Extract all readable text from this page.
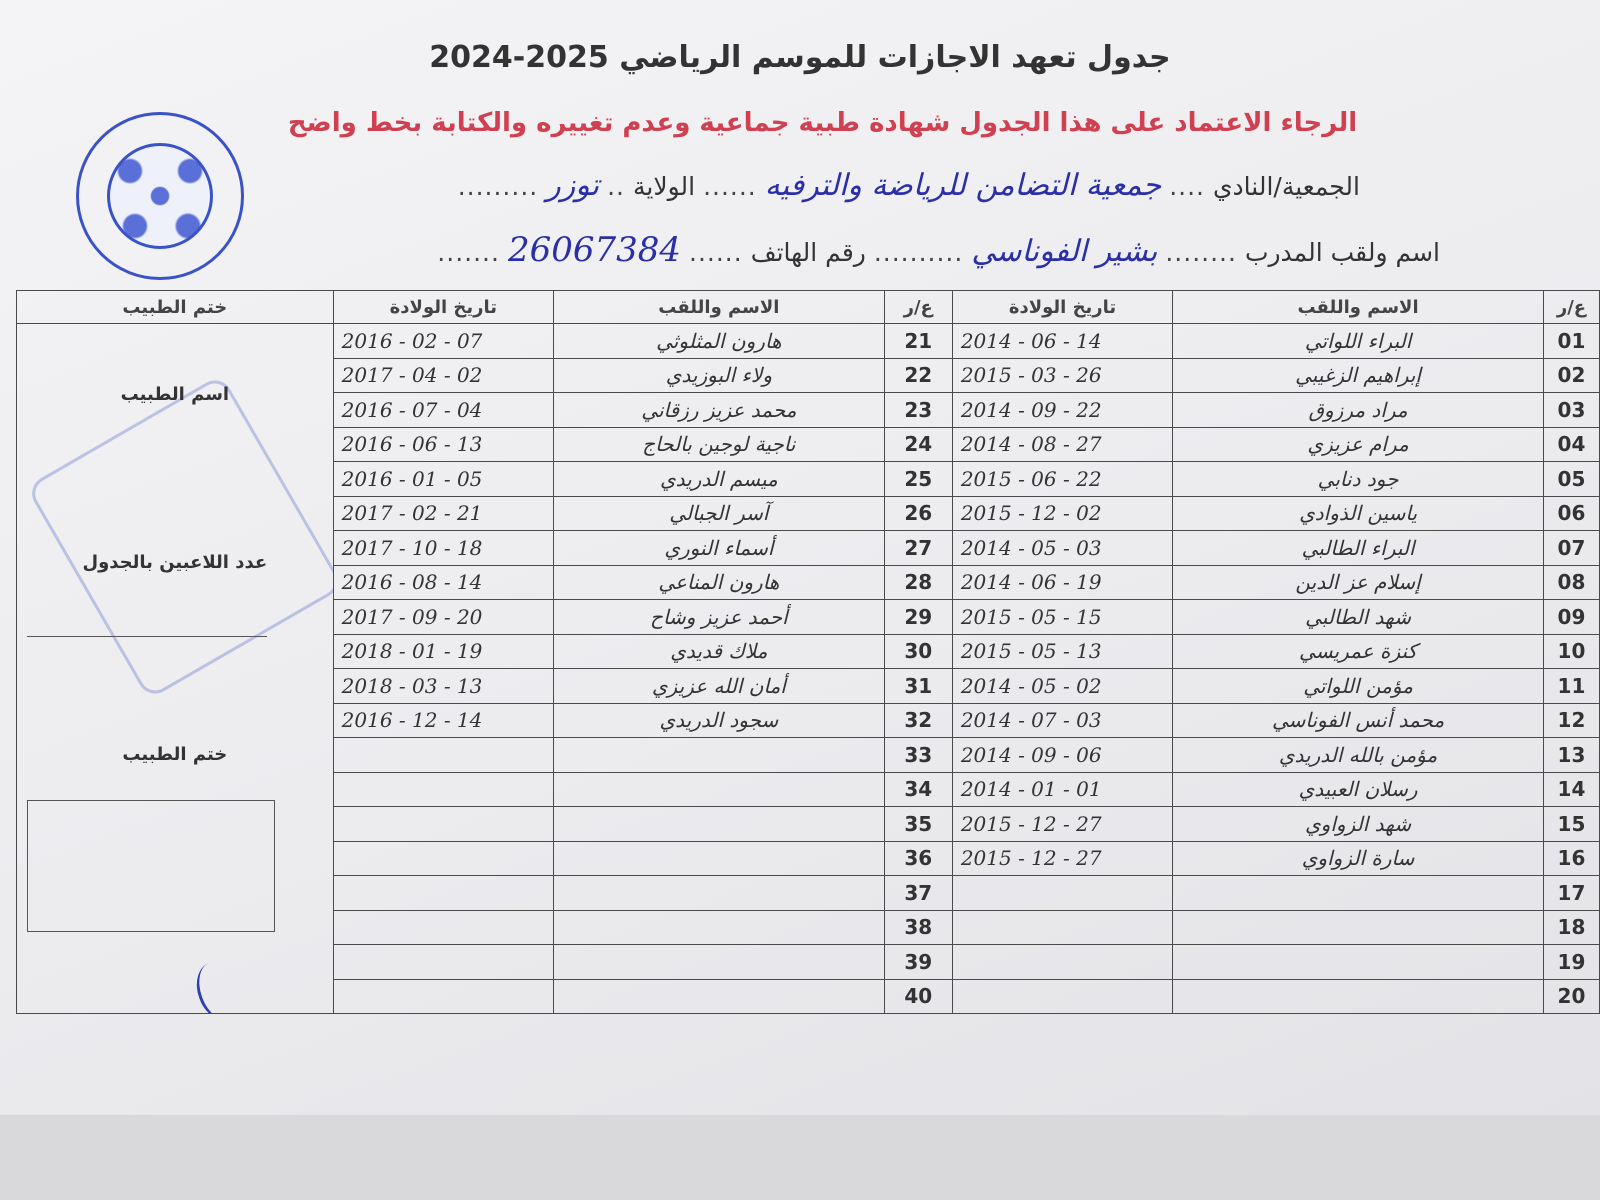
جدول تعهد الاجازات للموسم الرياضي 2025-2024
الرجاء الاعتماد على هذا الجدول شهادة طبية جماعية وعدم تغييره والكتابة بخط واضح
الجمعية/النادي
....
جمعية التضامن للرياضة والترفيه
......
الولاية
..
توزر
.........
اسم ولقب المدرب
........
بشير الفوناسي
..........
رقم الهاتف
......
26067384
.......
ع/ر	الاسم واللقب	تاريخ الولادة	ع/ر	الاسم واللقب	تاريخ الولادة	ختم الطبيب
01	البراء اللواتي	2014 - 06 - 14	21	هارون المثلوثي	2016 - 02 - 07	اسم الطبيب
عدد اللاعبين بالجدول
ختم الطبيب

02	إبراهيم الزغيبي	2015 - 03 - 26	22	ولاء البوزيدي	2017 - 04 - 02	
03	مراد مرزوق	2014 - 09 - 22	23	محمد عزيز رزقاني	2016 - 07 - 04	
04	مرام عزيزي	2014 - 08 - 27	24	ناجية لوجين بالحاج	2016 - 06 - 13	
05	جود دنابي	2015 - 06 - 22	25	ميسم الدريدي	2016 - 01 - 05	
06	ياسين الذوادي	2015 - 12 - 02	26	آسر الجبالي	2017 - 02 - 21	
07	البراء الطالبي	2014 - 05 - 03	27	أسماء النوري	2017 - 10 - 18	
08	إسلام عز الدين	2014 - 06 - 19	28	هارون المناعي	2016 - 08 - 14	
09	شهد الطالبي	2015 - 05 - 15	29	أحمد عزيز وشاح	2017 - 09 - 20	
10	كنزة عمريسي	2015 - 05 - 13	30	ملاك قديدي	2018 - 01 - 19	
11	مؤمن اللواتي	2014 - 05 - 02	31	أمان الله عزيزي	2018 - 03 - 13	
12	محمد أنس الفوناسي	2014 - 07 - 03	32	سجود الدريدي	2016 - 12 - 14	
13	مؤمن بالله الدريدي	2014 - 09 - 06	33			
14	رسلان العبيدي	2014 - 01 - 01	34			
15	شهد الزواوي	2015 - 12 - 27	35			
16	سارة الزواوي	2015 - 12 - 27	36			
17			37			
18			38			
19			39			
20			40			
